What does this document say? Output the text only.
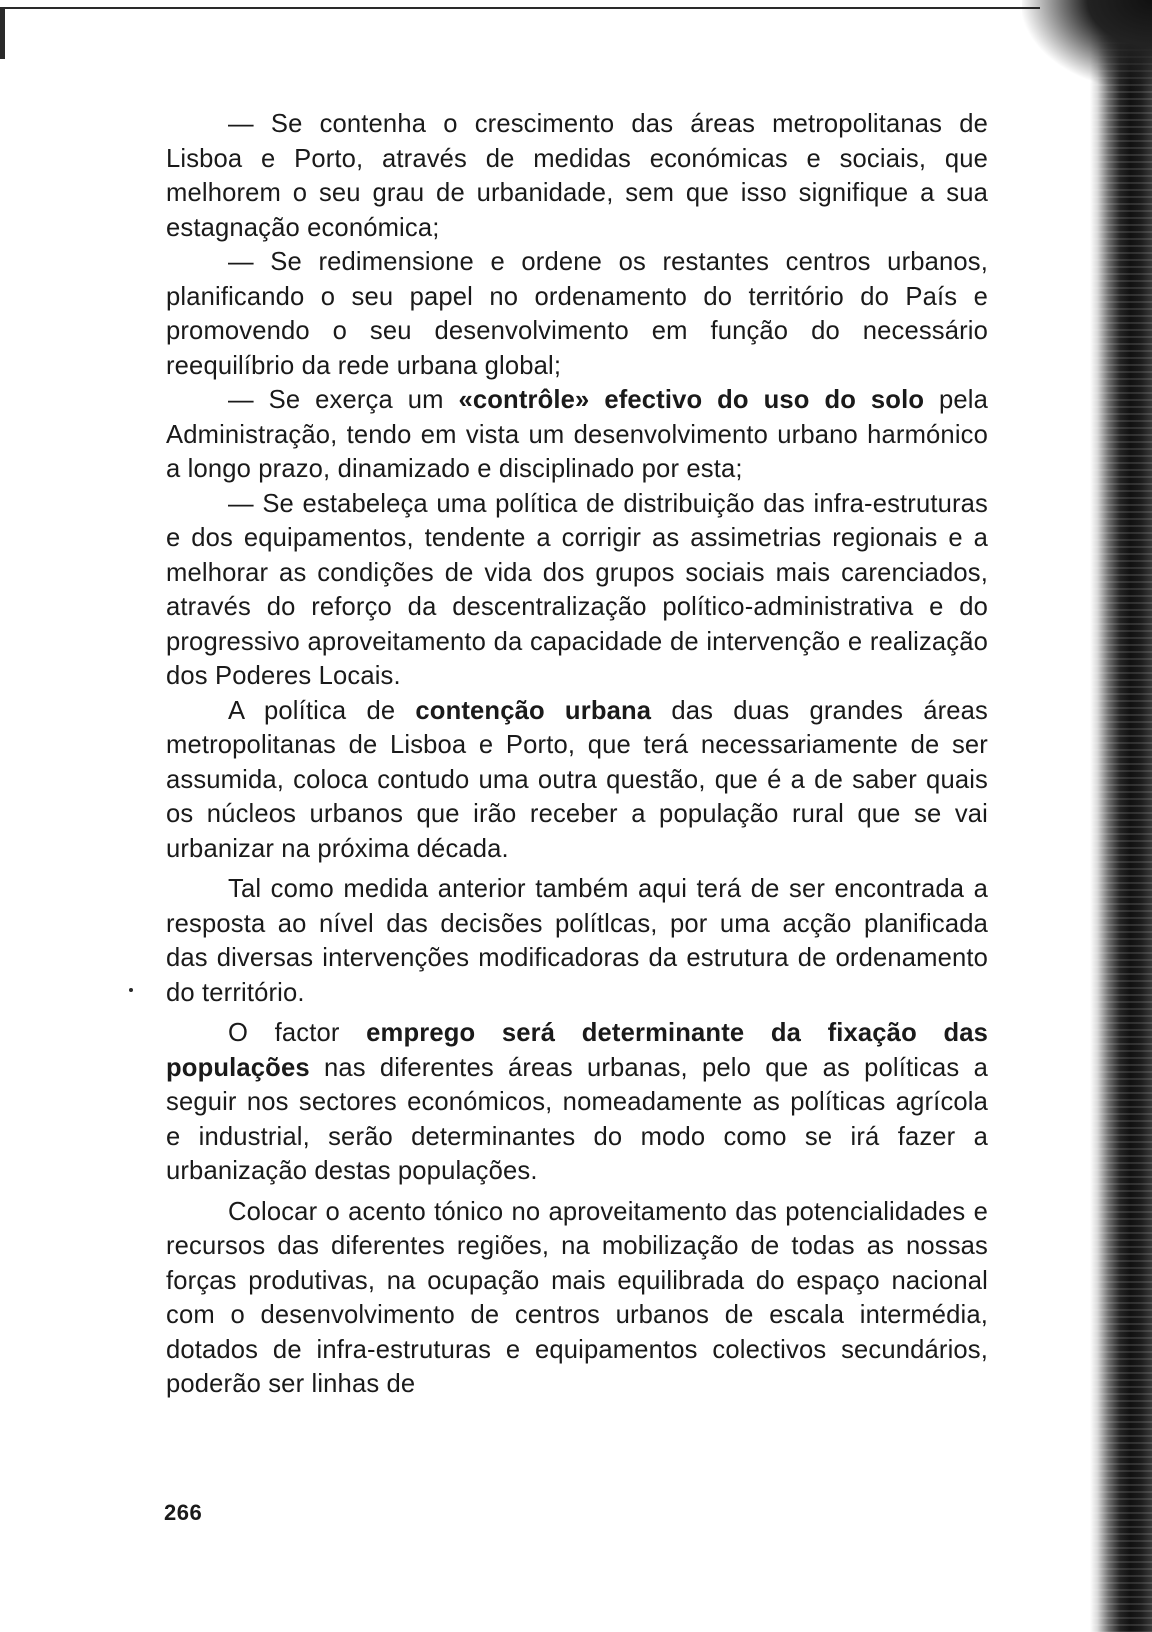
— Se contenha o crescimento das áreas metropolitanas de Lisboa e Porto, através de medidas económicas e sociais, que melhorem o seu grau de urbanidade, sem que isso signifique a sua estagnação económica;

— Se redimensione e ordene os restantes centros urbanos, planificando o seu papel no ordenamento do território do País e promovendo o seu desenvolvimento em função do necessário reequilíbrio da rede urbana global;

— Se exerça um «contrôle» efectivo do uso do solo pela Administração, tendo em vista um desenvolvimento urbano harmónico a longo prazo, dinamizado e disciplinado por esta;

— Se estabeleça uma política de distribuição das infra-estruturas e dos equipamentos, tendente a corrigir as assimetrias regionais e a melhorar as condições de vida dos grupos sociais mais carenciados, através do reforço da descentralização político-administrativa e do progressivo aproveitamento da capacidade de intervenção e realização dos Poderes Locais.

A política de contenção urbana das duas grandes áreas metropolitanas de Lisboa e Porto, que terá necessariamente de ser assumida, coloca contudo uma outra questão, que é a de saber quais os núcleos urbanos que irão receber a população rural que se vai urbanizar na próxima década.

Tal como medida anterior também aqui terá de ser encontrada a resposta ao nível das decisões polítlcas, por uma acção planificada das diversas intervenções modificadoras da estrutura de ordenamento do território.

O factor emprego será determinante da fixação das populações nas diferentes áreas urbanas, pelo que as políticas a seguir nos sectores económicos, nomeadamente as políticas agrícola e industrial, serão determinantes do modo como se irá fazer a urbanização destas populações.

Colocar o acento tónico no aproveitamento das potencialidades e recursos das diferentes regiões, na mobilização de todas as nossas forças produtivas, na ocupação mais equilibrada do espaço nacional com o desenvolvimento de centros urbanos de escala intermédia, dotados de infra-estruturas e equipamentos colectivos secundários, poderão ser linhas de

266
